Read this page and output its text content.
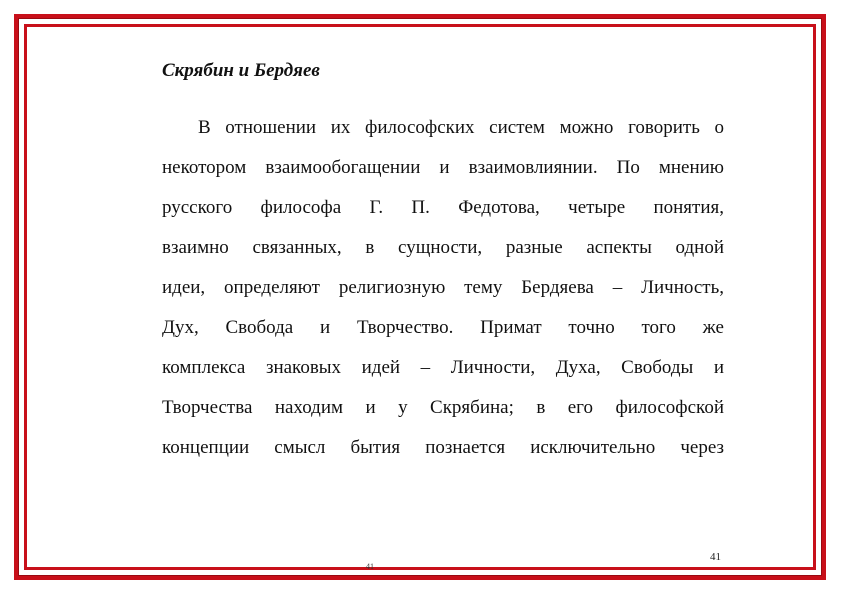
Скрябин и Бердяев
В отношении их философских систем можно говорить о
некотором взаимообогащении и взаимовлиянии. По мнению
русского философа Г. П. Федотова, четыре понятия,
взаимно связанных, в сущности, разные аспекты одной
идеи, определяют религиозную тему Бердяева – Личность,
Дух, Свобода и Творчество. Примат точно того же
комплекса знаковых идей – Личности, Духа, Свободы и
Творчества находим и у Скрябина; в его философской
концепции смысл бытия познается исключительно через
41
41
